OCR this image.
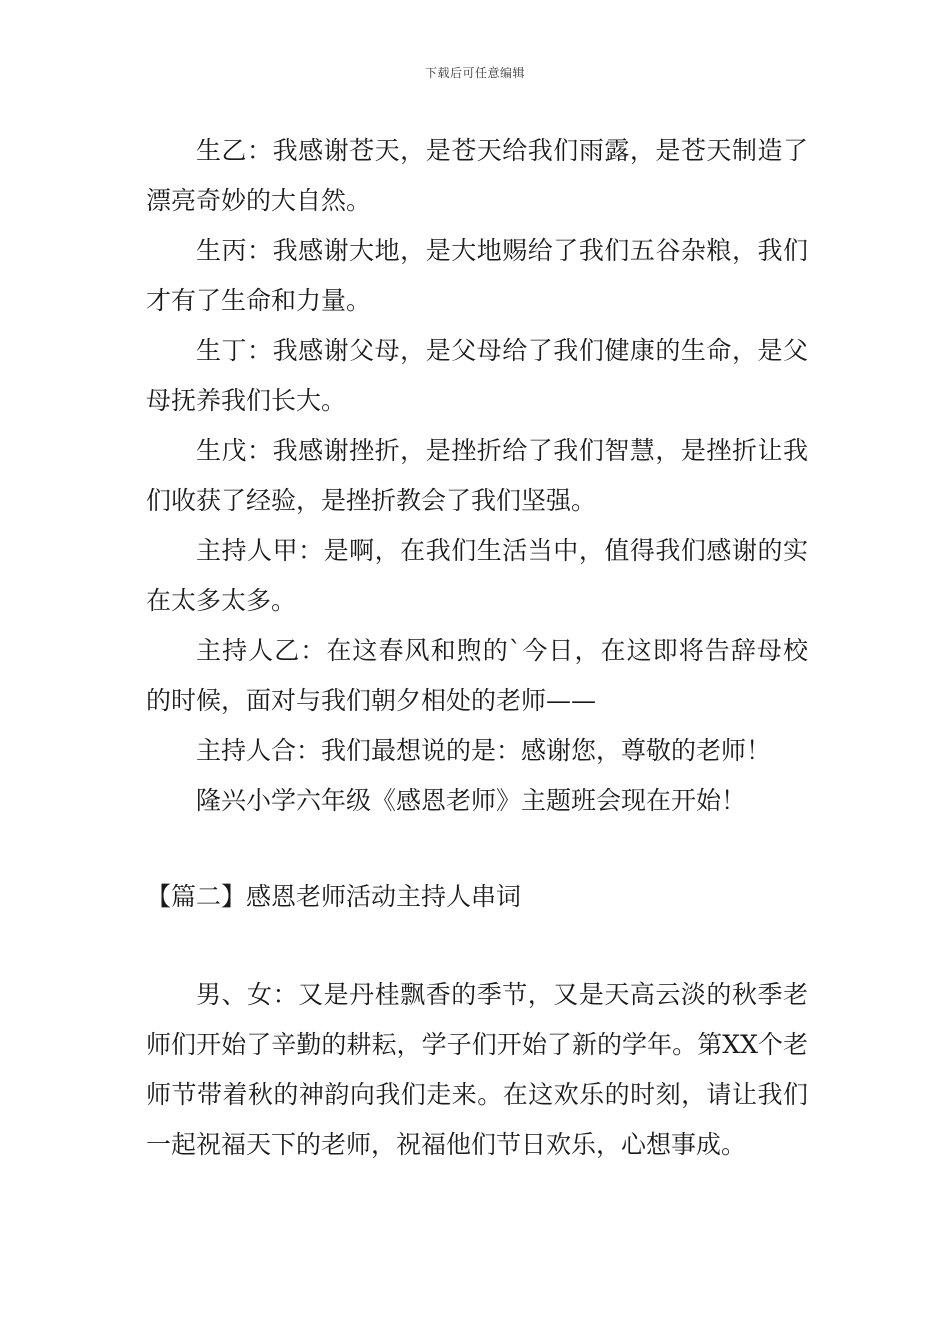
下载后可任意编辑

生乙：我感谢苍天，是苍天给我们雨露，是苍天制造了漂亮奇妙的大自然。

生丙：我感谢大地，是大地赐给了我们五谷杂粮，我们才有了生命和力量。

生丁：我感谢父母，是父母给了我们健康的生命，是父母抚养我们长大。

生戊：我感谢挫折，是挫折给了我们智慧，是挫折让我们收获了经验，是挫折教会了我们坚强。

主持人甲：是啊，在我们生活当中，值得我们感谢的实在太多太多。

主持人乙：在这春风和煦的`今日，在这即将告辞母校的时候，面对与我们朝夕相处的老师——

主持人合：我们最想说的是：感谢您，尊敬的老师！

隆兴小学六年级《感恩老师》主题班会现在开始！

【篇二】感恩老师活动主持人串词

男、女：又是丹桂飘香的季节，又是天高云淡的秋季老师们开始了辛勤的耕耘，学子们开始了新的学年。第XX个老师节带着秋的神韵向我们走来。在这欢乐的时刻，请让我们一起祝福天下的老师，祝福他们节日欢乐，心想事成。
